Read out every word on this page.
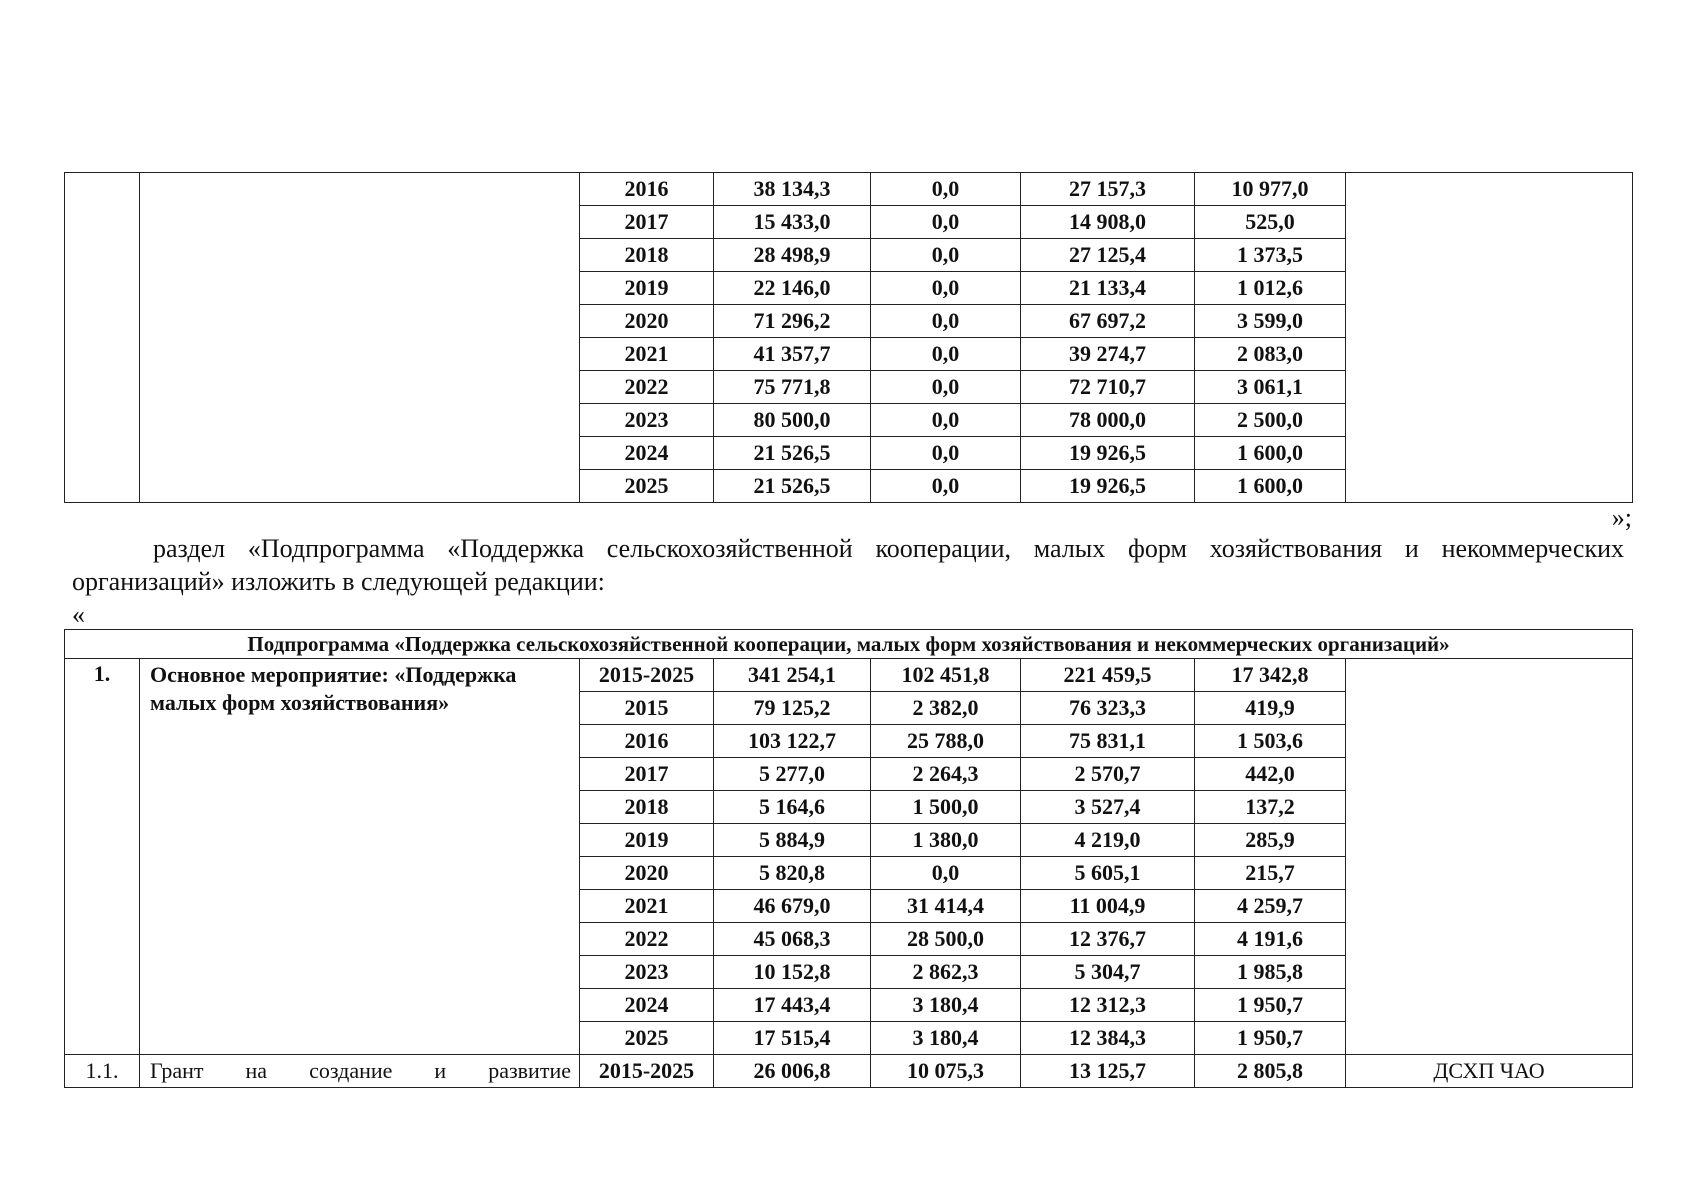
		2016	38 134,3	0,0	27 157,3	10 977,0	
		2017	15 433,0	0,0	14 908,0	525,0	
		2018	28 498,9	0,0	27 125,4	1 373,5	
		2019	22 146,0	0,0	21 133,4	1 012,6	
		2020	71 296,2	0,0	67 697,2	3 599,0	
		2021	41 357,7	0,0	39 274,7	2 083,0	
		2022	75 771,8	0,0	72 710,7	3 061,1	
		2023	80 500,0	0,0	78 000,0	2 500,0	
		2024	21 526,5	0,0	19 926,5	1 600,0	
		2025	21 526,5	0,0	19 926,5	1 600,0	
»;
раздел «Подпрограмма «Поддержка сельскохозяйственной кооперации, малых форм хозяйствования и некоммерческих организаций» изложить в следующей редакции:
«
Подпрограмма «Поддержка сельскохозяйственной кооперации, малых форм хозяйствования и некоммерческих организаций»							
1.	Основное мероприятие: «Поддержка малых форм хозяйствования»	2015-2025	341 254,1	102 451,8	221 459,5	17 342,8	
		2015	79 125,2	2 382,0	76 323,3	419,9	
		2016	103 122,7	25 788,0	75 831,1	1 503,6	
		2017	5 277,0	2 264,3	2 570,7	442,0	
		2018	5 164,6	1 500,0	3 527,4	137,2	
		2019	5 884,9	1 380,0	4 219,0	285,9	
		2020	5 820,8	0,0	5 605,1	215,7	
		2021	46 679,0	31 414,4	11 004,9	4 259,7	
		2022	45 068,3	28 500,0	12 376,7	4 191,6	
		2023	10 152,8	2 862,3	5 304,7	1 985,8	
		2024	17 443,4	3 180,4	12 312,3	1 950,7	
		2025	17 515,4	3 180,4	12 384,3	1 950,7	
1.1.	Грант на создание и развитие	2015-2025	26 006,8	10 075,3	13 125,7	2 805,8	ДСХП ЧАО
